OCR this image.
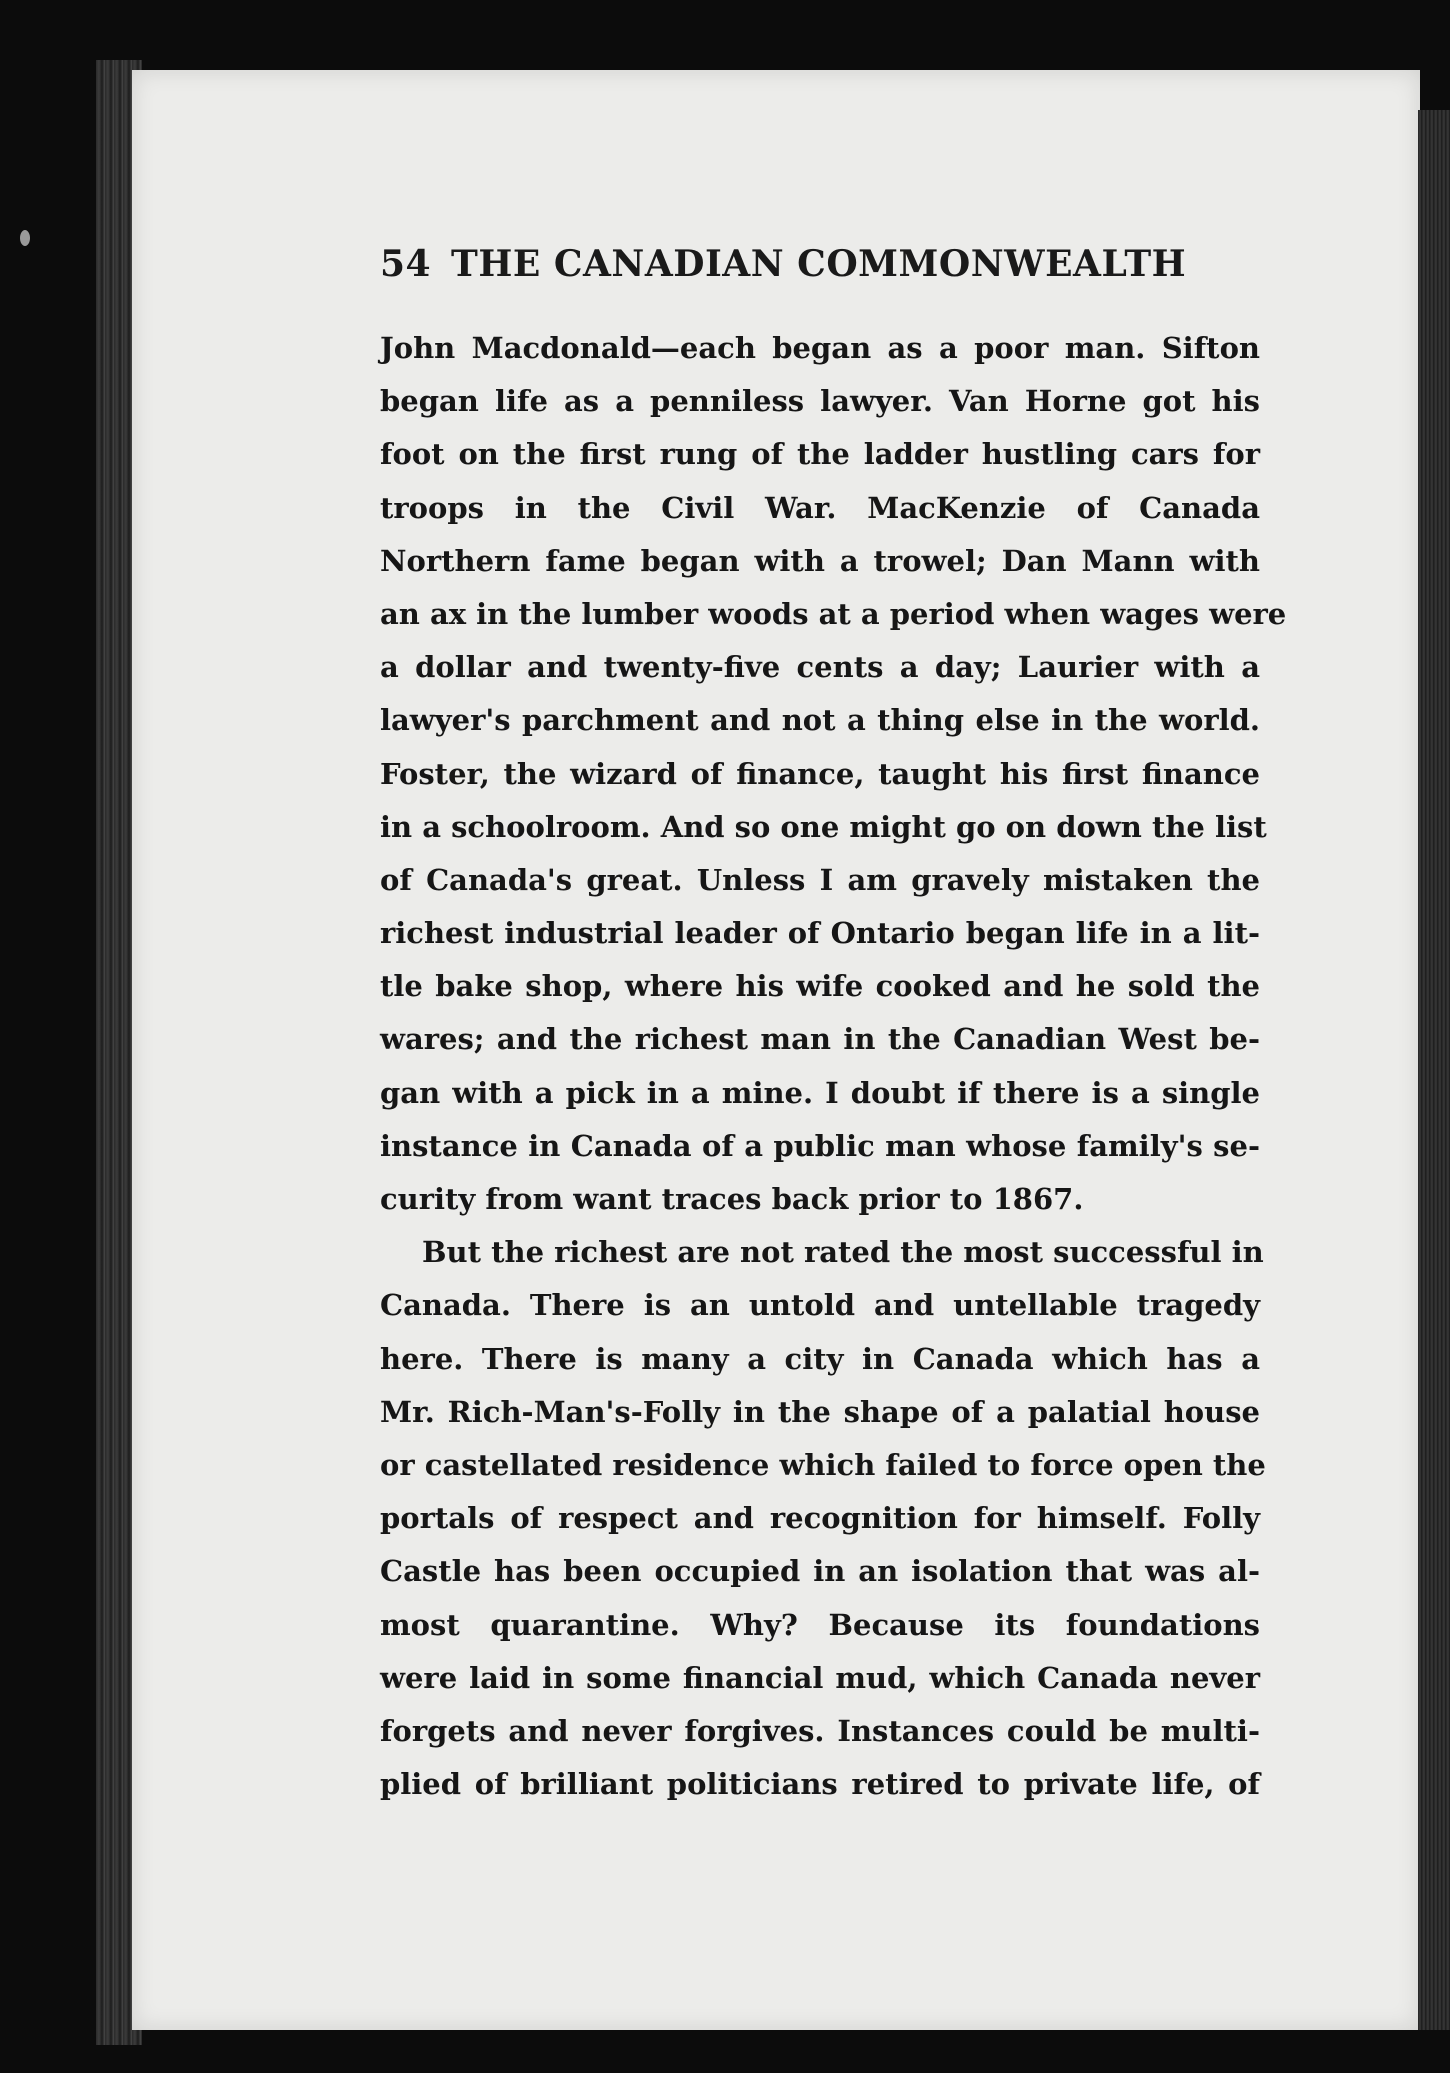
54 THE CANADIAN COMMONWEALTH
John Macdonald—each began as a poor man. Sifton
began life as a penniless lawyer. Van Horne got his
foot on the first rung of the ladder hustling cars for
troops in the Civil War. MacKenzie of Canada
Northern fame began with a trowel; Dan Mann with
an ax in the lumber woods at a period when wages were
a dollar and twenty-five cents a day; Laurier with a
lawyer's parchment and not a thing else in the world.
Foster, the wizard of finance, taught his first finance
in a schoolroom. And so one might go on down the list
of Canada's great. Unless I am gravely mistaken the
richest industrial leader of Ontario began life in a lit-
tle bake shop, where his wife cooked and he sold the
wares; and the richest man in the Canadian West be-
gan with a pick in a mine. I doubt if there is a single
instance in Canada of a public man whose family's se-
curity from want traces back prior to 1867.
But the richest are not rated the most successful in
Canada. There is an untold and untellable tragedy
here. There is many a city in Canada which has a
Mr. Rich-Man's-Folly in the shape of a palatial house
or castellated residence which failed to force open the
portals of respect and recognition for himself. Folly
Castle has been occupied in an isolation that was al-
most quarantine. Why? Because its foundations
were laid in some financial mud, which Canada never
forgets and never forgives. Instances could be multi-
plied of brilliant politicians retired to private life, of
